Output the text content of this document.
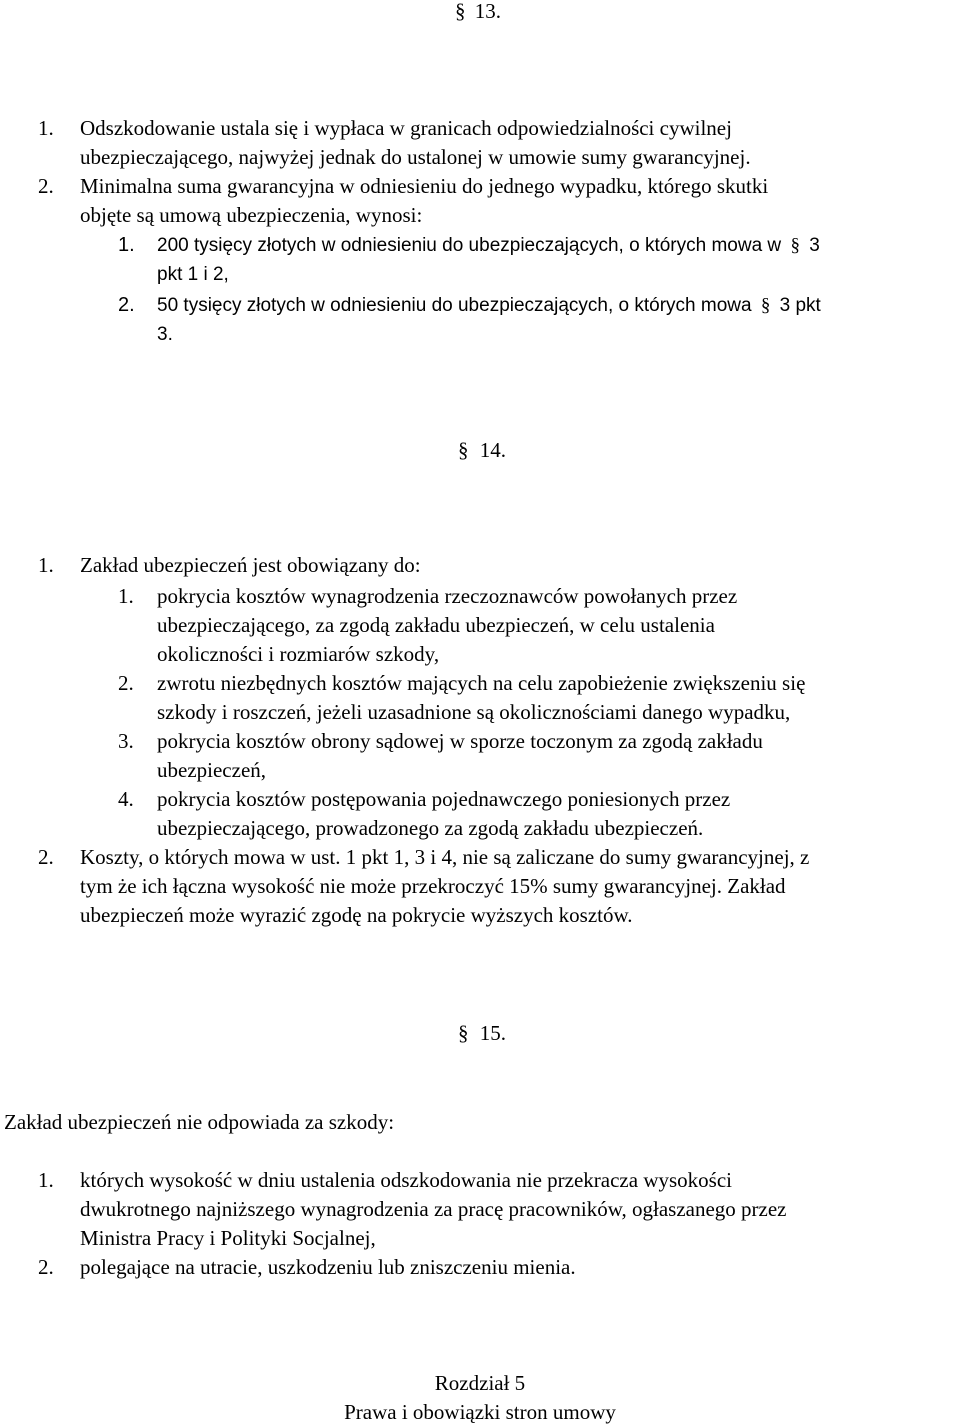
§ 13.
1. Odszkodowanie ustala się i wypłaca w granicach odpowiedzialności cywilnej
ubezpieczającego, najwyżej jednak do ustalonej w umowie sumy gwarancyjnej.
2. Minimalna suma gwarancyjna w odniesieniu do jednego wypadku, którego skutki
objęte są umową ubezpieczenia, wynosi:
1. 200 tysięcy złotych w odniesieniu do ubezpieczających, o których mowa w § 3
pkt 1 i 2,
2. 50 tysięcy złotych w odniesieniu do ubezpieczających, o których mowa § 3 pkt
3.
§ 14.
1. Zakład ubezpieczeń jest obowiązany do:
1. pokrycia kosztów wynagrodzenia rzeczoznawców powołanych przez
ubezpieczającego, za zgodą zakładu ubezpieczeń, w celu ustalenia
okoliczności i rozmiarów szkody,
2. zwrotu niezbędnych kosztów mających na celu zapobieżenie zwiększeniu się
szkody i roszczeń, jeżeli uzasadnione są okolicznościami danego wypadku,
3. pokrycia kosztów obrony sądowej w sporze toczonym za zgodą zakładu
ubezpieczeń,
4. pokrycia kosztów postępowania pojednawczego poniesionych przez
ubezpieczającego, prowadzonego za zgodą zakładu ubezpieczeń.
2. Koszty, o których mowa w ust. 1 pkt 1, 3 i 4, nie są zaliczane do sumy gwarancyjnej, z
tym że ich łączna wysokość nie może przekroczyć 15% sumy gwarancyjnej. Zakład
ubezpieczeń może wyrazić zgodę na pokrycie wyższych kosztów.
§ 15.
Zakład ubezpieczeń nie odpowiada za szkody:
1. których wysokość w dniu ustalenia odszkodowania nie przekracza wysokości
dwukrotnego najniższego wynagrodzenia za pracę pracowników, ogłaszanego przez
Ministra Pracy i Polityki Socjalnej,
2. polegające na utracie, uszkodzeniu lub zniszczeniu mienia.
Rozdział 5
Prawa i obowiązki stron umowy
